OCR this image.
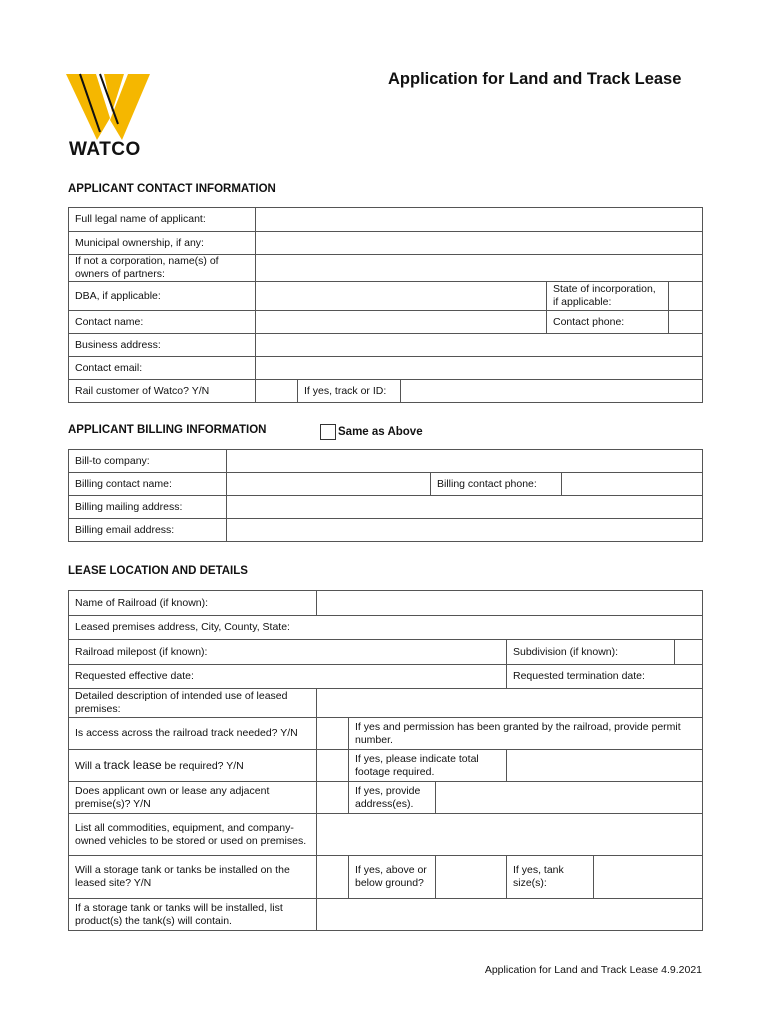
WATCO
Application for Land and Track Lease
APPLICANT CONTACT INFORMATION
Full legal name of applicant:					
Municipal ownership, if any:					
If not a corporation, name(s) of owners of partners:					
DBA, if applicable:				State of incorporation, if applicable:	
Contact name:				Contact phone:	
Business address:					
Contact email:					
Rail customer of Watco? Y/N		If yes, track or ID:			
APPLICANT BILLING INFORMATION	Same as Above
Bill-to company:			
Billing contact name:		Billing contact phone:	
Billing mailing address:			
Billing email address:			
LEASE LOCATION AND DETAILS
Name of Railroad (if known):					
Leased premises address, City, County, State:					
Railroad milepost (if known):				Subdivision (if known):	

Requested effective date:				Requested termination date:	
Detailed description of intended use of leased premises:					
Is access across the railroad track needed? Y/N		If yes and permission has been granted by the railroad, provide permit number.			
Will a track lease be required? Y/N		If yes, please indicate total footage required.			
Does applicant own or lease any adjacent premise(s)? Y/N		If yes, provide address(es).			
List all commodities, equipment, and company-owned vehicles to be stored or used on premises.					
Will a storage tank or tanks be installed on the leased site? Y/N		If yes, above or below ground?		If yes, tank size(s):	
If a storage tank or tanks will be installed, list product(s) the tank(s) will contain.					
Application for Land and Track Lease 4.9.2021
